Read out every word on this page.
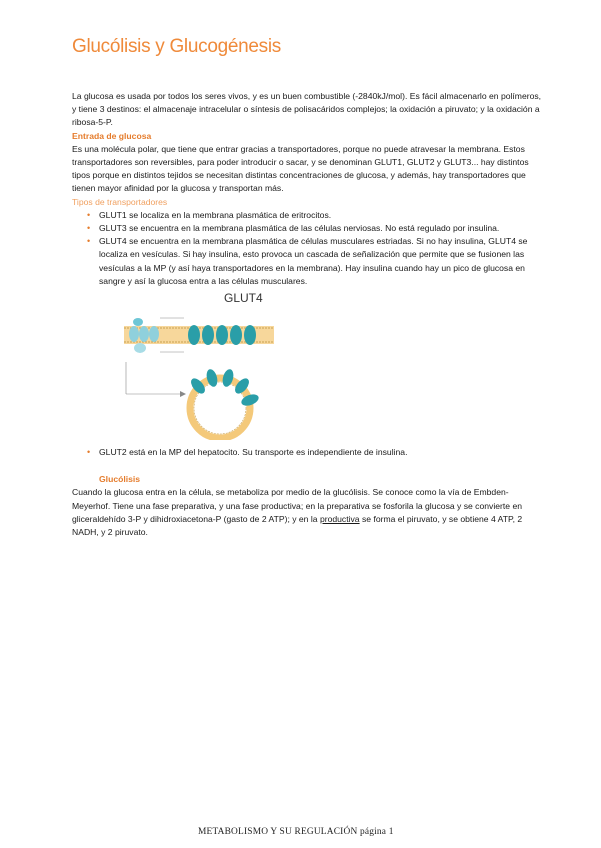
Glucólisis y Glucogénesis

La glucosa es usada por todos los seres vivos, y es un buen combustible (-2840kJ/mol). Es fácil almacenarlo en polímeros, y tiene 3 destinos: el almacenaje intracelular o síntesis de polisacáridos complejos; la oxidación a piruvato; y la oxidación a ribosa-5-P.

Entrada de glucosa

Es una molécula polar, que tiene que entrar gracias a transportadores, porque no puede atravesar la membrana. Estos transportadores son reversibles, para poder introducir o sacar, y se denominan GLUT1, GLUT2 y GLUT3... hay distintos tipos porque en distintos tejidos se necesitan distintas concentraciones de glucosa, y además, hay transportadores que tienen mayor afinidad por la glucosa y transportan más.

Tipos de transportadores

• GLUT1 se localiza en la membrana plasmática de eritrocitos.
• GLUT3 se encuentra en la membrana plasmática de las células nerviosas. No está regulado por insulina.
• GLUT4 se encuentra en la membrana plasmática de células musculares estriadas. Si no hay insulina, GLUT4 se localiza en vesículas. Si hay insulina, esto provoca un cascada de señalización que permite que se fusionen las vesículas a la MP (y así haya transportadores en la membrana). Hay insulina cuando hay un pico de glucosa en sangre y así la glucosa entra a las células musculares.
GLUT4
• GLUT2 está en la MP del hepatocito. Su transporte es independiente de insulina.

Glucólisis

Cuando la glucosa entra en la célula, se metaboliza por medio de la glucólisis. Se conoce como la vía de Embden-Meyerhof. Tiene una fase preparativa, y una fase productiva; en la preparativa se fosforila la glucosa y se convierte en gliceraldehído 3-P y dihidroxiacetona-P (gasto de 2 ATP); y en la productiva se forma el piruvato, y se obtiene 4 ATP, 2 NADH, y 2 piruvato.

METABOLISMO Y SU REGULACIÓN página 1
